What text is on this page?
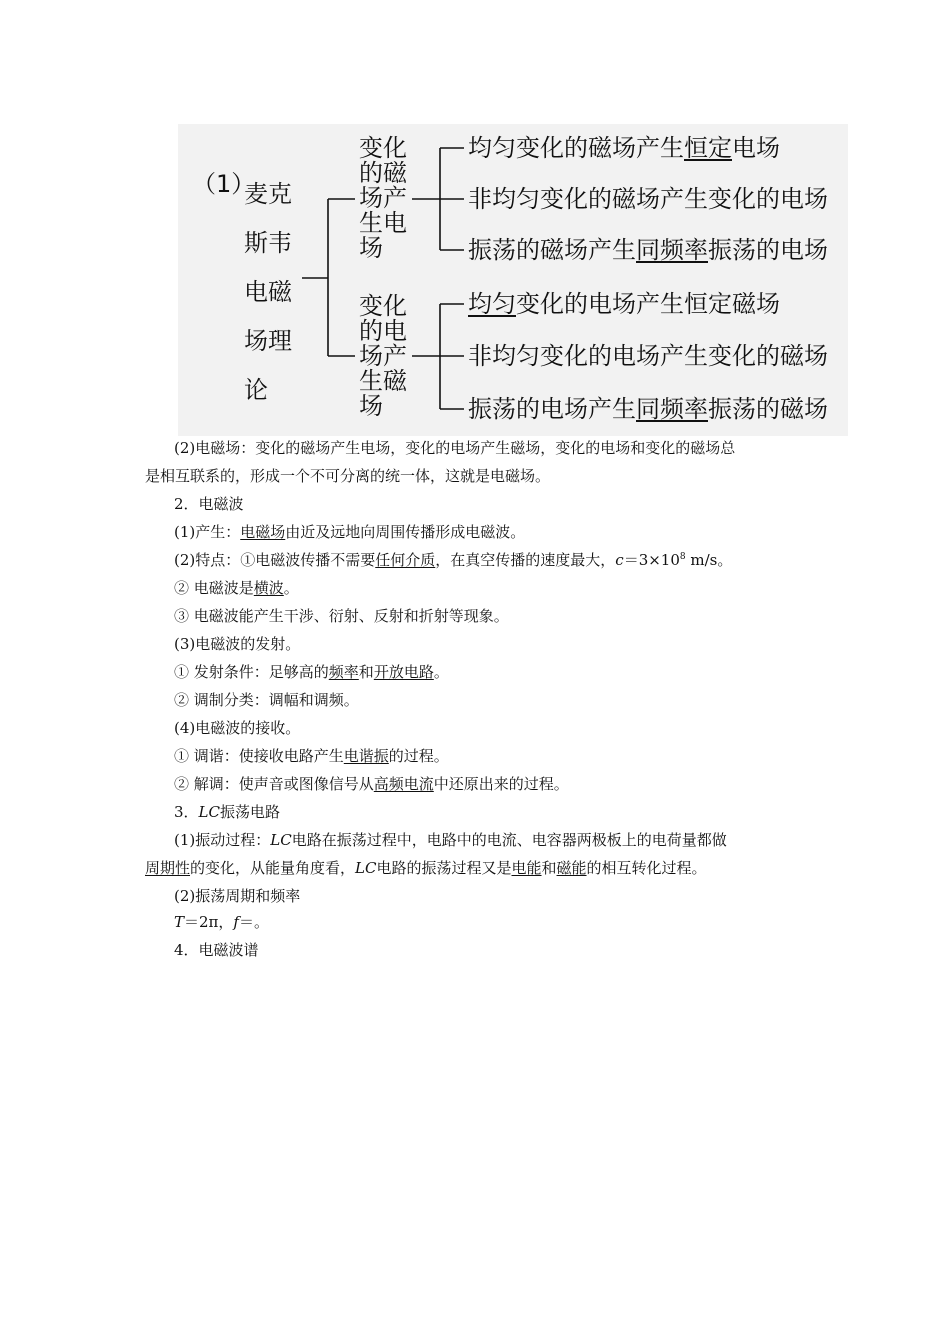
（1）
麦克
斯韦
电磁
场理
论
变化
的磁
场产
生电
场
变化
的电
场产
生磁
场
均匀变化的磁场产生恒定电场
非均匀变化的磁场产生变化的电场
振荡的磁场产生同频率振荡的电场
均匀变化的电场产生恒定磁场
非均匀变化的电场产生变化的磁场
振荡的电场产生同频率振荡的磁场
(2)电磁场：变化的磁场产生电场，变化的电场产生磁场，变化的电场和变化的磁场总
是相互联系的，形成一个不可分离的统一体，这就是电磁场。
2．电磁波
(1)产生：电磁场由近及远地向周围传播形成电磁波。
(2)特点：①电磁波传播不需要任何介质，在真空传播的速度最大，$c=3\times 10^8$ m/s。
② 电磁波是横波。
③ 电磁波能产生干涉、衍射、反射和折射等现象。
(3)电磁波的发射。
① 发射条件：足够高的频率和开放电路。
② 调制分类：调幅和调频。
(4)电磁波的接收。
① 调谐：使接收电路产生电谐振的过程。
② 解调：使声音或图像信号从高频电流中还原出来的过程。
3．LC振荡电路
(1)振动过程：LC电路在振荡过程中，电路中的电流、电容器两极板上的电荷量都做
周期性的变化，从能量角度看，LC电路的振荡过程又是电能和磁能的相互转化过程。
(2)振荡周期和频率
T＝2π，f＝。
4．电磁波谱
